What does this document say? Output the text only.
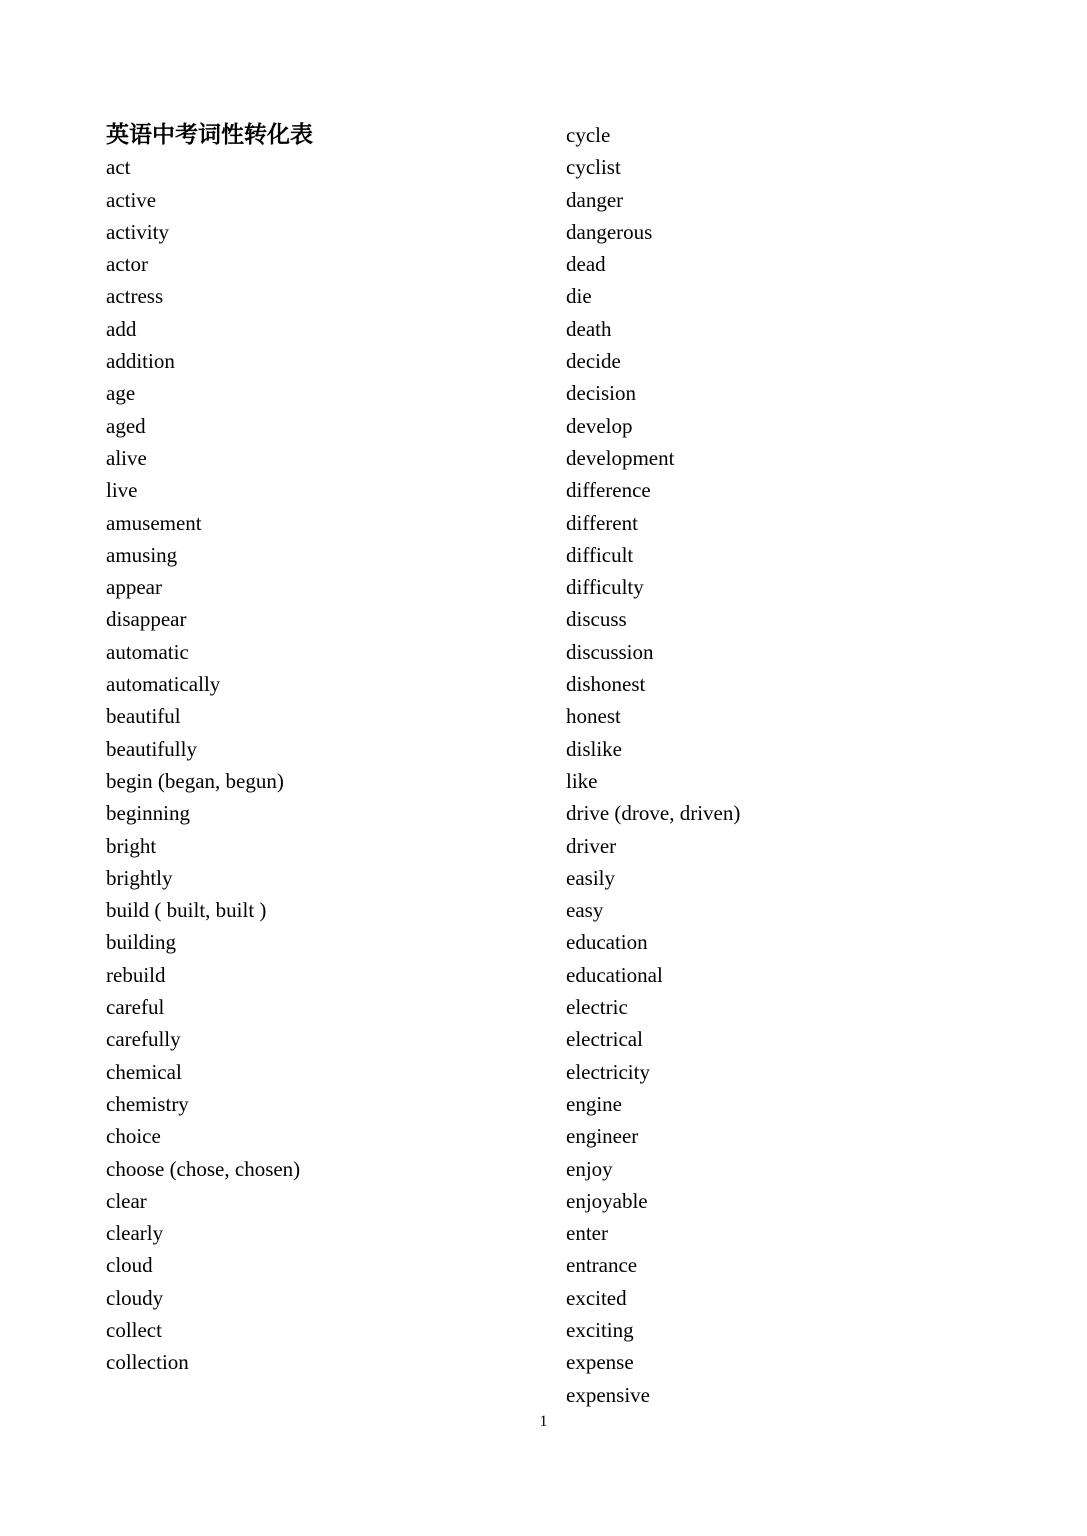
英语中考词性转化表
act
active
activity
actor
actress
add
addition
age
aged
alive
live
amusement
amusing
appear
disappear
automatic
automatically
beautiful
beautifully
begin (began, begun)
beginning
bright
brightly
build ( built, built )
building
rebuild
careful
carefully
chemical
chemistry
choice
choose (chose, chosen)
clear
clearly
cloud
cloudy
collect
collection
cycle
cyclist
danger
dangerous
dead
die
death
decide
decision
develop
development
difference
different
difficult
difficulty
discuss
discussion
dishonest
honest
dislike
like
drive (drove, driven)
driver
easily
easy
education
educational
electric
electrical
electricity
engine
engineer
enjoy
enjoyable
enter
entrance
excited
exciting
expense
expensive
1
